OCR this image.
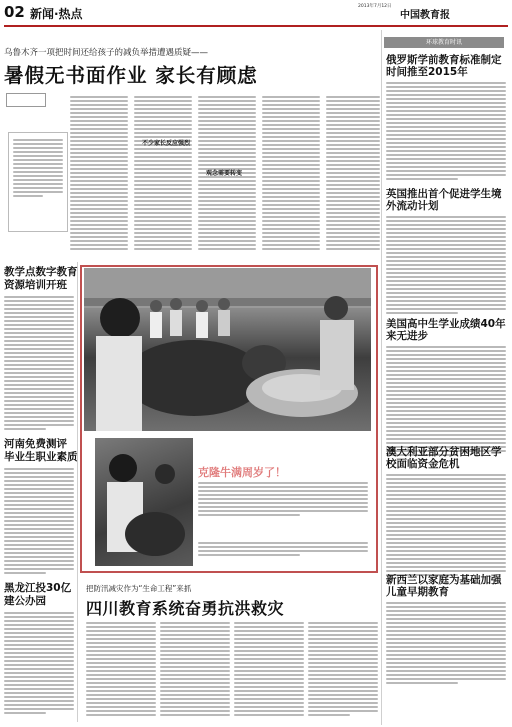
02 新闻·热点
2013年7月12日
中国教育报
乌鲁木齐一项把时间还给孩子的减负举措遭遇质疑——
暑假无书面作业 家长有顾虑
不少家长反应强烈
观念需要转变
环球教育时讯
俄罗斯学前教育标准制定时间推至2015年
英国推出首个促进学生境外流动计划
美国高中生学业成绩40年来无进步
澳大利亚部分贫困地区学校面临资金危机
新西兰以家庭为基础加强儿童早期教育
教学点数字教育
资源培训开班
河南免费测评
毕业生职业素质
黑龙江投30亿
建公办园
克隆牛满周岁了！
把防汛减灾作为“生命工程”来抓
四川教育系统奋勇抗洪救灾
